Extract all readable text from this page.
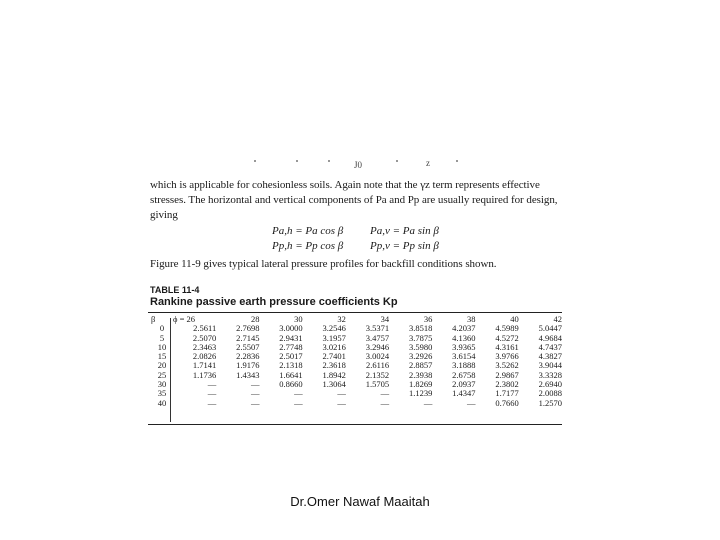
J0	z
which is applicable for cohesionless soils. Again note that the γz term represents effective stresses. The horizontal and vertical components of Pa and Pp are usually required for design, giving
Pa,h = Pa cos β Pa,v = Pa sin β
Pp,h = Pp cos β Pp,v = Pp sin β
Figure 11-9 gives typical lateral pressure profiles for backfill conditions shown.
TABLE 11-4
Rankine passive earth pressure coefficients Kp
β	ϕ = 26	28	30	32	34	36	38	40	42
0	2.5611	2.7698	3.0000	3.2546	3.5371	3.8518	4.2037	4.5989	5.0447
5	2.5070	2.7145	2.9431	3.1957	3.4757	3.7875	4.1360	4.5272	4.9684
10	2.3463	2.5507	2.7748	3.0216	3.2946	3.5980	3.9365	4.3161	4.7437
15	2.0826	2.2836	2.5017	2.7401	3.0024	3.2926	3.6154	3.9766	4.3827
20	1.7141	1.9176	2.1318	2.3618	2.6116	2.8857	3.1888	3.5262	3.9044
25	1.1736	1.4343	1.6641	1.8942	2.1352	2.3938	2.6758	2.9867	3.3328
30	—	—	0.8660	1.3064	1.5705	1.8269	2.0937	2.3802	2.6940
35	—	—	—	—	—	1.1239	1.4347	1.7177	2.0088
40	—	—	—	—	—	—	—	0.7660	1.2570
Dr.Omer Nawaf Maaitah
